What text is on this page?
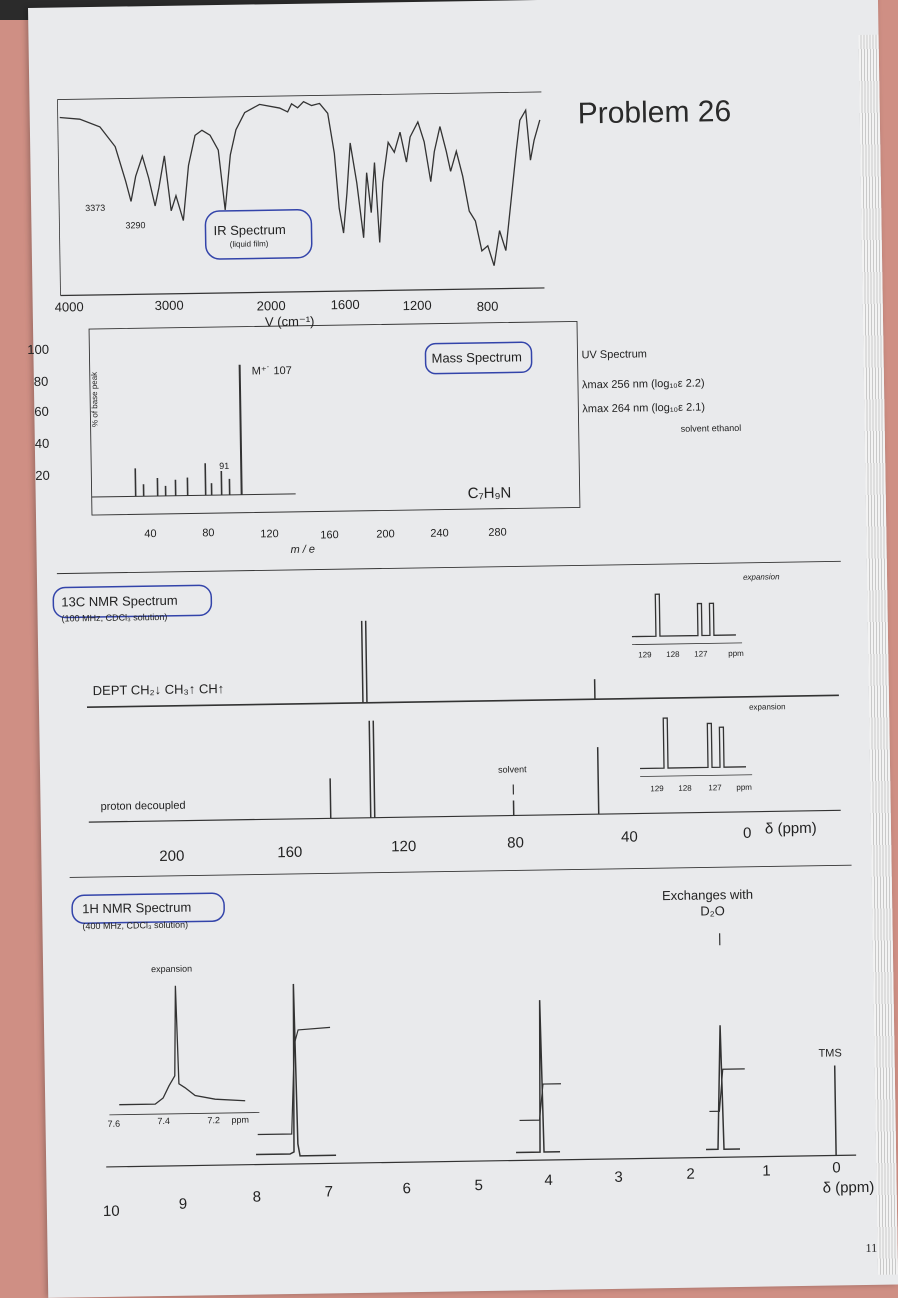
Problem 26
3373
3290	IR Spectrum
(liquid film)
4000	3000	2000	1600	1200	800
V (cm⁻¹)
Mass Spectrum
100
80
60
40
20
% of base peak
M⁺˙ 107
91
C₇H₉N
40	80	120	160	200	240	280
m / e
UV Spectrum
λmax 256 nm (log₁₀ε 2.2)
λmax 264 nm (log₁₀ε 2.1)
solvent ethanol
13C NMR Spectrum
(100 MHz, CDCl₃ solution)
DEPT CH₂↓ CH₃↑ CH↑
proton decoupled
solvent
expansion
expansion
129 128 127	ppm
129 128 127 ppm
200	160	120	80	40	0 δ (ppm)
1H NMR Spectrum
(400 MHz, CDCl₃ solution)
expansion
7.6	7.4	7.2 ppm
Exchanges with
D₂O
TMS
10	9	8	7	6	5	4	3	2	1	0
δ (ppm)
11
